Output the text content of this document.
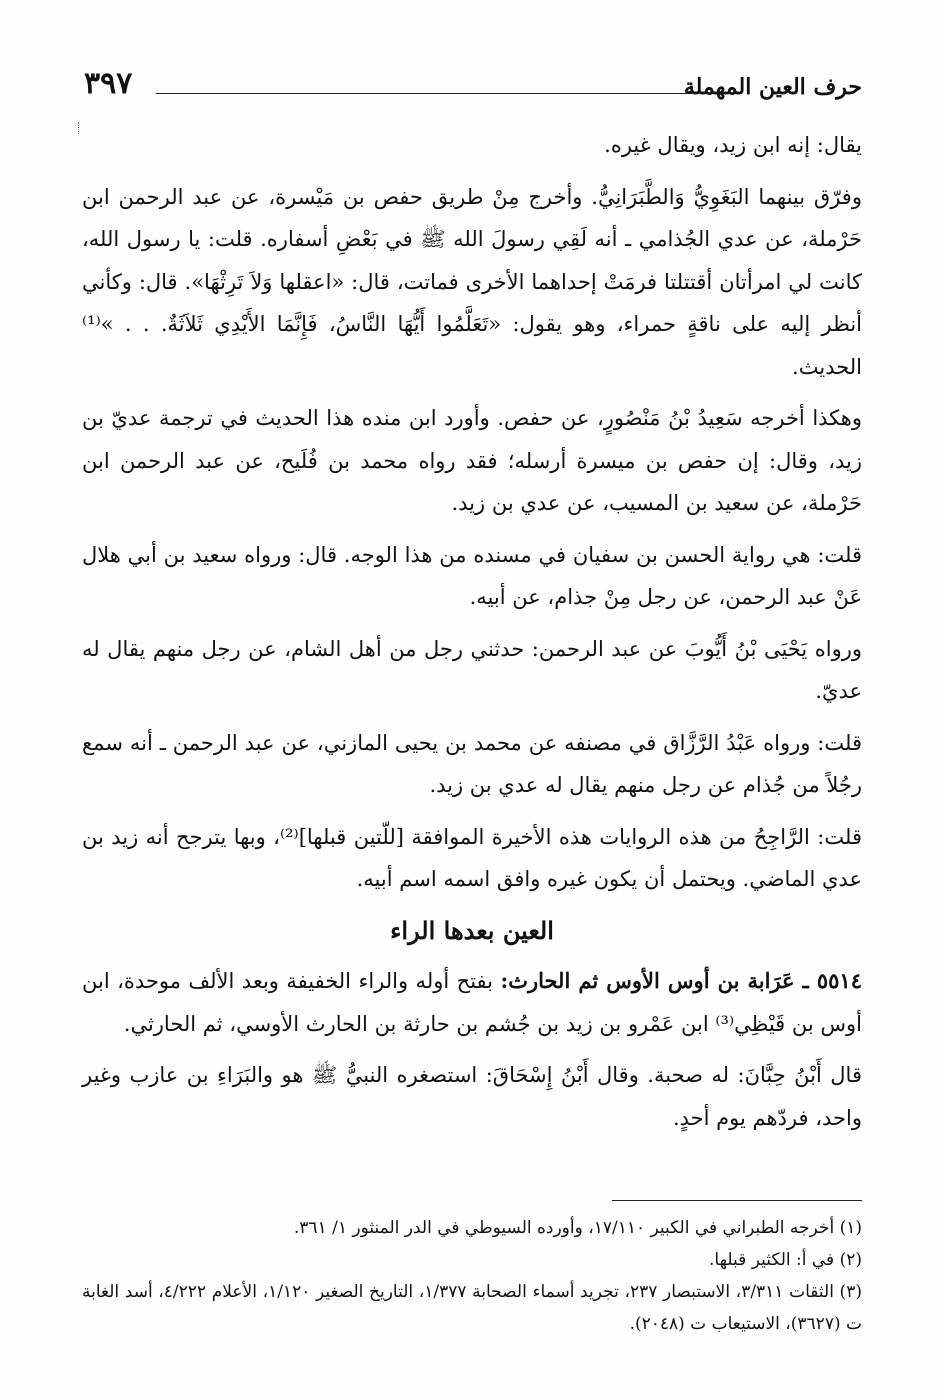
٣٩٧	حرف العين المهملة

يقال: إنه ابن زيد، ويقال غيره.

وفرّق بينهما البَغَوِيُّ وَالطَّبَرَانِيُّ. وأخرج مِنْ طريق حفص بن مَيْسرة، عن عبد الرحمن ابن حَرْملة، عن عدي الجُذامي ـ أنه لَقِي رسولَ الله ﷺ في بَعْضِ أسفاره. قلت: يا رسول الله، كانت لي امرأتان أقتتلتا فرمَتْ إحداهما الأخرى فماتت، قال: «اعقلها وَلاَ تَرِثْهَا». قال: وكأني أنظر إليه على ناقةٍ حمراء، وهو يقول: «تَعَلَّمُوا أَيُّهَا النَّاسُ، فَإِنَّمَا الأَيْدِي ثَلاَثَةٌ. . . »⁽¹⁾ الحديث.

وهكذا أخرجه سَعِيدُ بْنُ مَنْصُورٍ، عن حفص. وأورد ابن منده هذا الحديث في ترجمة عديّ بن زيد، وقال: إن حفص بن ميسرة أرسله؛ فقد رواه محمد بن فُلَيح، عن عبد الرحمن ابن حَرْملة، عن سعيد بن المسيب، عن عدي بن زيد.

قلت: هي رواية الحسن بن سفيان في مسنده من هذا الوجه. قال: ورواه سعيد بن أبي هلال عَنْ عبد الرحمن، عن رجل مِنْ جذام، عن أبيه.

ورواه يَحْيَى بْنُ أَيُّوبَ عن عبد الرحمن: حدثني رجل من أهل الشام، عن رجل منهم يقال له عديّ.

قلت: ورواه عَبْدُ الرَّزَّاق في مصنفه عن محمد بن يحيى المازني، عن عبد الرحمن ـ أنه سمع رجُلاً من جُذام عن رجل منهم يقال له عدي بن زيد.

قلت: الرَّاجِحُ من هذه الروايات هذه الأخيرة الموافقة [للّتين قبلها]⁽²⁾، وبها يترجح أنه زيد بن عدي الماضي. ويحتمل أن يكون غيره وافق اسمه اسم أبيه.

العين بعدها الراء

٥٥١٤ ـ عَرَابة بن أوس الأوس ثم الحارث: بفتح أوله والراء الخفيفة وبعد الألف موحدة، ابن أوس بن قَيْظِي⁽³⁾ ابن عَمْرو بن زيد بن جُشم بن حارثة بن الحارث الأوسي، ثم الحارثي.

قال أَبْنُ حِبَّانَ: له صحبة. وقال أَبْنُ إِسْحَاقَ: استصغره النبيُّ ﷺ هو والبَرَاءِ بن عازب وغير واحد، فردّهم يوم أحدٍ.

(١) أخرجه الطبراني في الكبير ١٧/١١٠، وأورده السيوطي في الدر المنثور ١/ ٣٦١.

(٢) في أ: الكثير قبلها.

(٣) الثقات ٣/٣١١، الاستبصار ٢٣٧، تجريد أسماء الصحابة ١/٣٧٧، التاريخ الصغير ١/١٢٠، الأعلام ٤/٢٢٢، أسد الغابة ت (٣٦٢٧)، الاستيعاب ت (٢٠٤٨).
